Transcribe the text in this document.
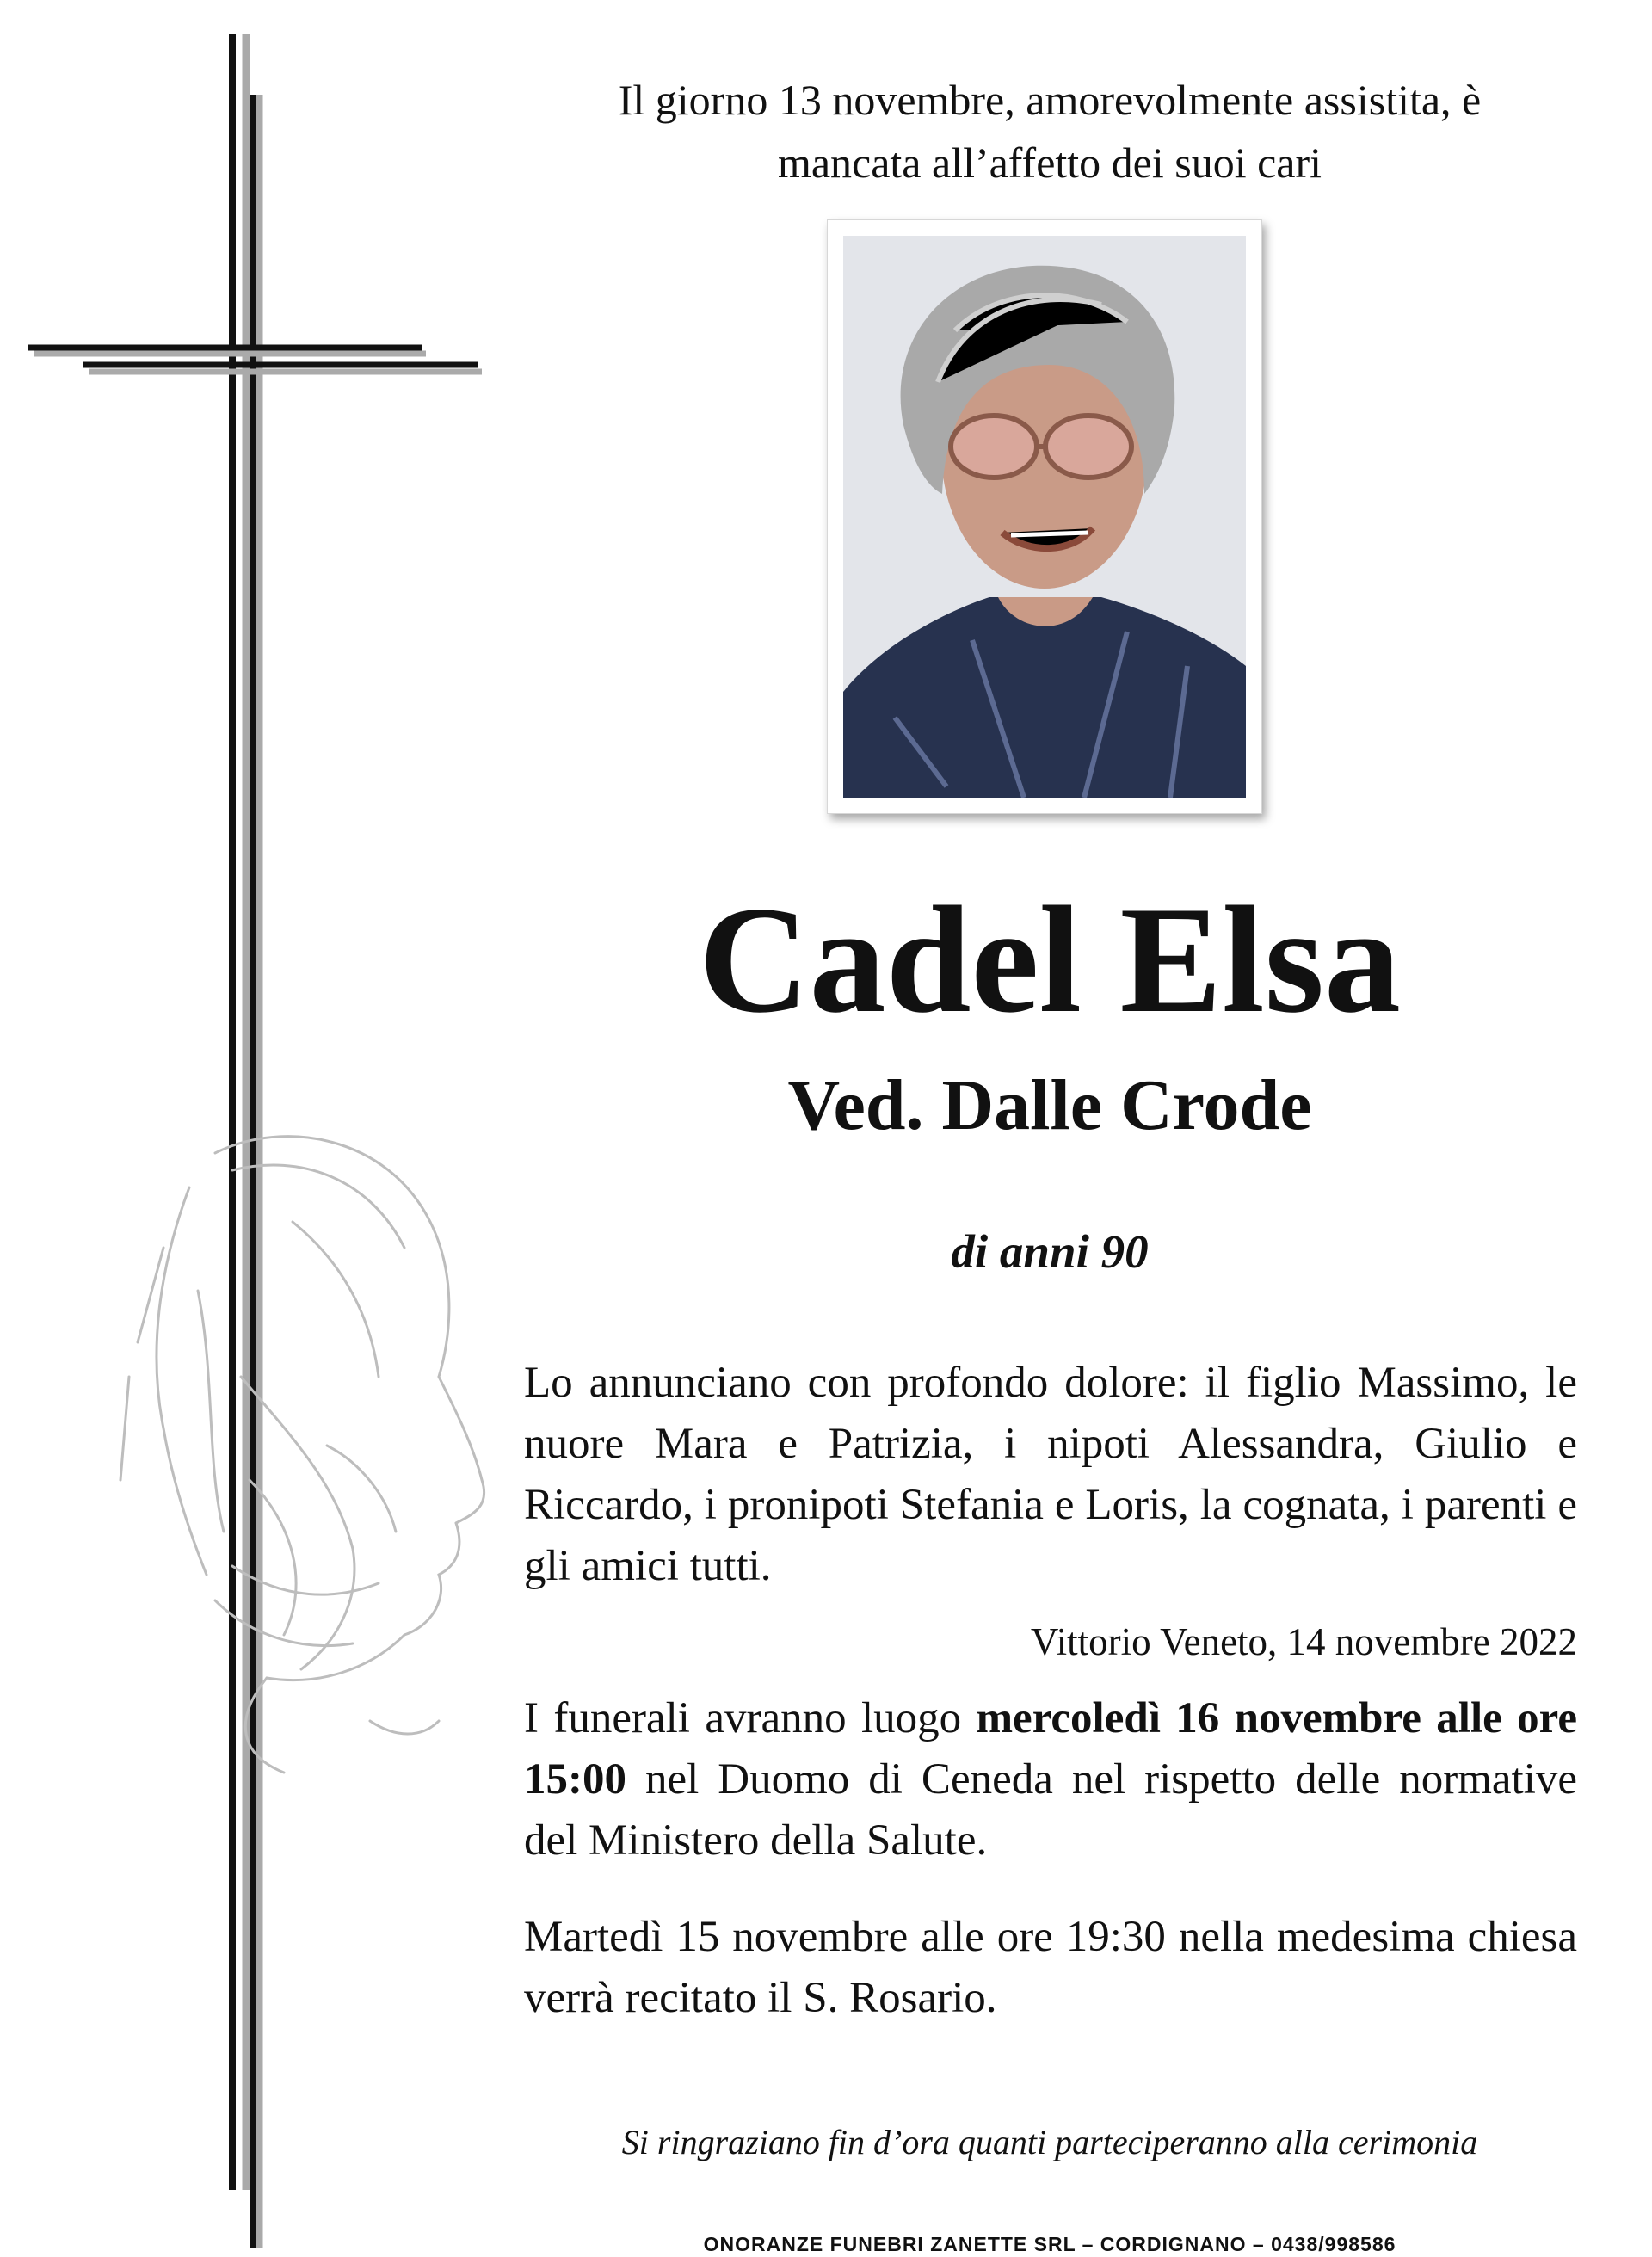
Il giorno 13 novembre, amorevolmente assistita, è
mancata all’affetto dei suoi cari
Cadel Elsa
Ved. Dalle Crode
di anni 90
Lo annunciano con profondo dolore: il figlio Massimo, le nuore Mara e Patrizia, i nipoti Alessandra, Giulio e Riccardo, i pronipoti Stefania e Loris, la cognata, i parenti e gli amici tutti.
Vittorio Veneto, 14 novembre 2022
I funerali avranno luogo mercoledì 16 novembre alle ore 15:00 nel Duomo di Ceneda nel rispetto delle normative del Ministero della Salute.
Martedì 15 novembre alle ore 19:30 nella medesima chiesa verrà recitato il S. Rosario.
Si ringraziano fin d’ora quanti parteciperanno alla cerimonia
ONORANZE FUNEBRI ZANETTE SRL – CORDIGNANO – 0438/998586
